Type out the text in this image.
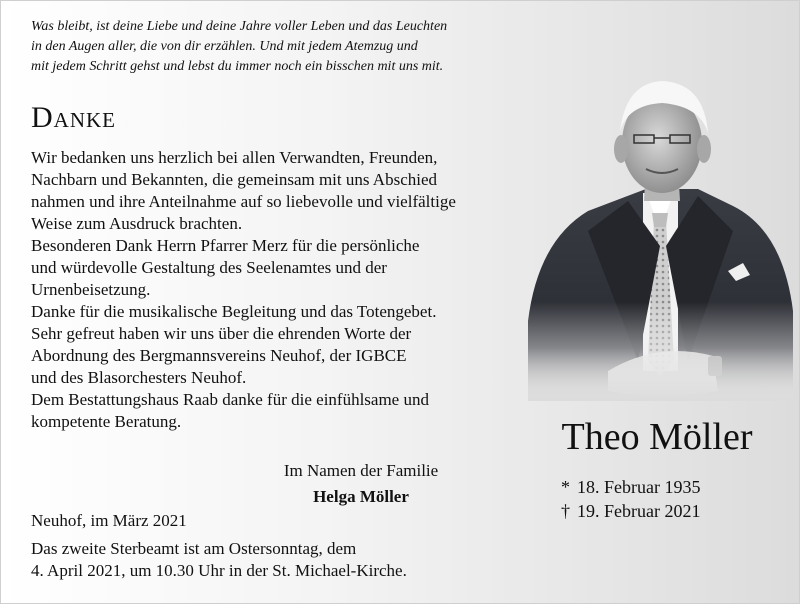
Was bleibt, ist deine Liebe und deine Jahre voller Leben und das Leuchten
in den Augen aller, die von dir erzählen. Und mit jedem Atemzug und
mit jedem Schritt gehst und lebst du immer noch ein bisschen mit uns mit.
Danke
Wir bedanken uns herzlich bei allen Verwandten, Freunden,
Nachbarn und Bekannten, die gemeinsam mit uns Abschied
nahmen und ihre Anteilnahme auf so liebevolle und vielfältige
Weise zum Ausdruck brachten.
Besonderen Dank Herrn Pfarrer Merz für die persönliche
und würdevolle Gestaltung des Seelenamtes und der
Urnenbeisetzung.
Danke für die musikalische Begleitung und das Totengebet.
Sehr gefreut haben wir uns über die ehrenden Worte der
Abordnung des Bergmannsvereins Neuhof, der IGBCE
und des Blasorchesters Neuhof.
Dem Bestattungshaus Raab danke für die einfühlsame und
kompetente Beratung.
Im Namen der Familie
Helga Möller
Neuhof, im März 2021
Das zweite Sterbeamt ist am Ostersonntag, dem
4. April 2021, um 10.30 Uhr in der St. Michael-Kirche.
Theo Möller
* 18. Februar 1935
† 19. Februar 2021
